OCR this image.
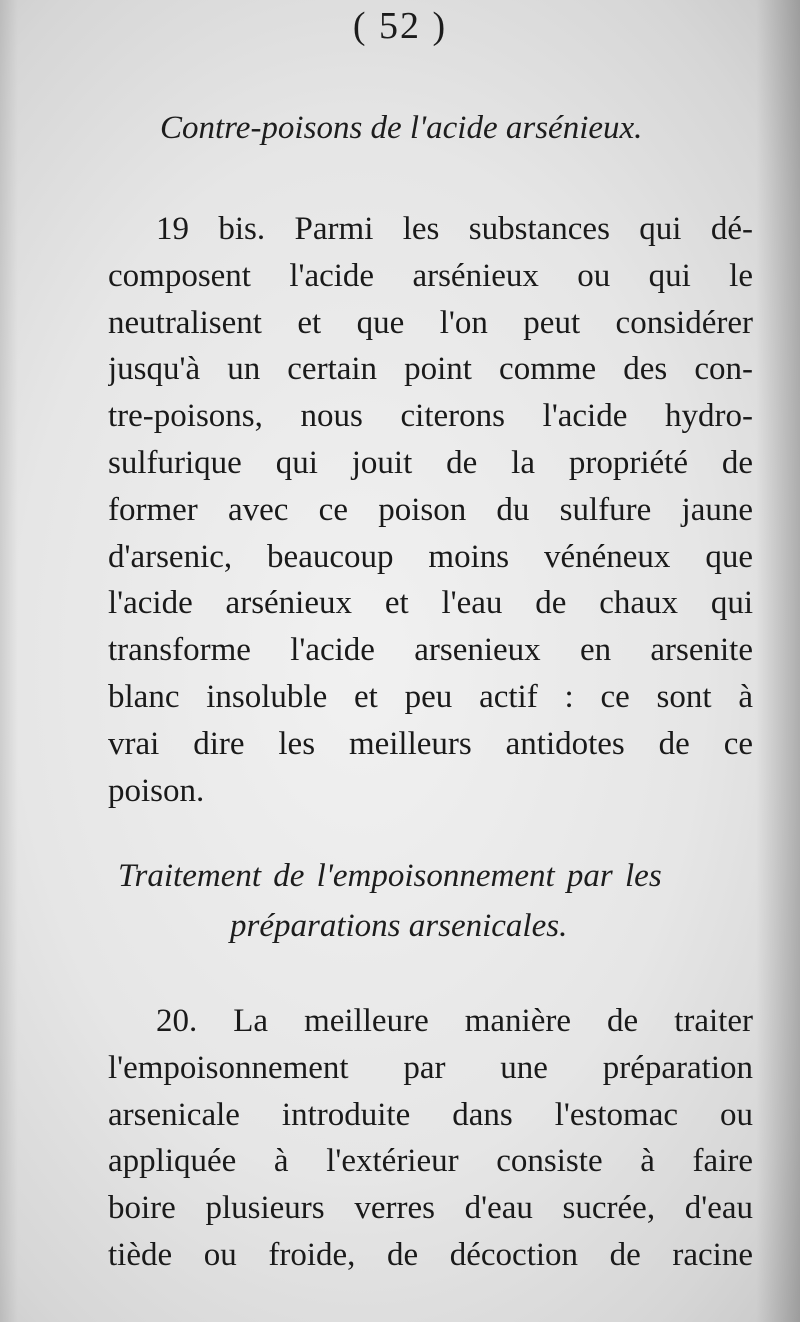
( 52 )
Contre-poisons de l'acide arsénieux.
19 bis. Parmi les substances qui dé-
composent l'acide arsénieux ou qui le
neutralisent et que l'on peut considérer
jusqu'à un certain point comme des con-
tre-poisons, nous citerons l'acide hydro-
sulfurique qui jouit de la propriété de
former avec ce poison du sulfure jaune
d'arsenic, beaucoup moins vénéneux que
l'acide arsénieux et l'eau de chaux qui
transforme l'acide arsenieux en arsenite
blanc insoluble et peu actif : ce sont à
vrai dire les meilleurs antidotes de ce
poison.
Traitement de l'empoisonnement par les
préparations arsenicales.
20. La meilleure manière de traiter
l'empoisonnement par une préparation
arsenicale introduite dans l'estomac ou
appliquée à l'extérieur consiste à faire
boire plusieurs verres d'eau sucrée, d'eau
tiède ou froide, de décoction de racine
